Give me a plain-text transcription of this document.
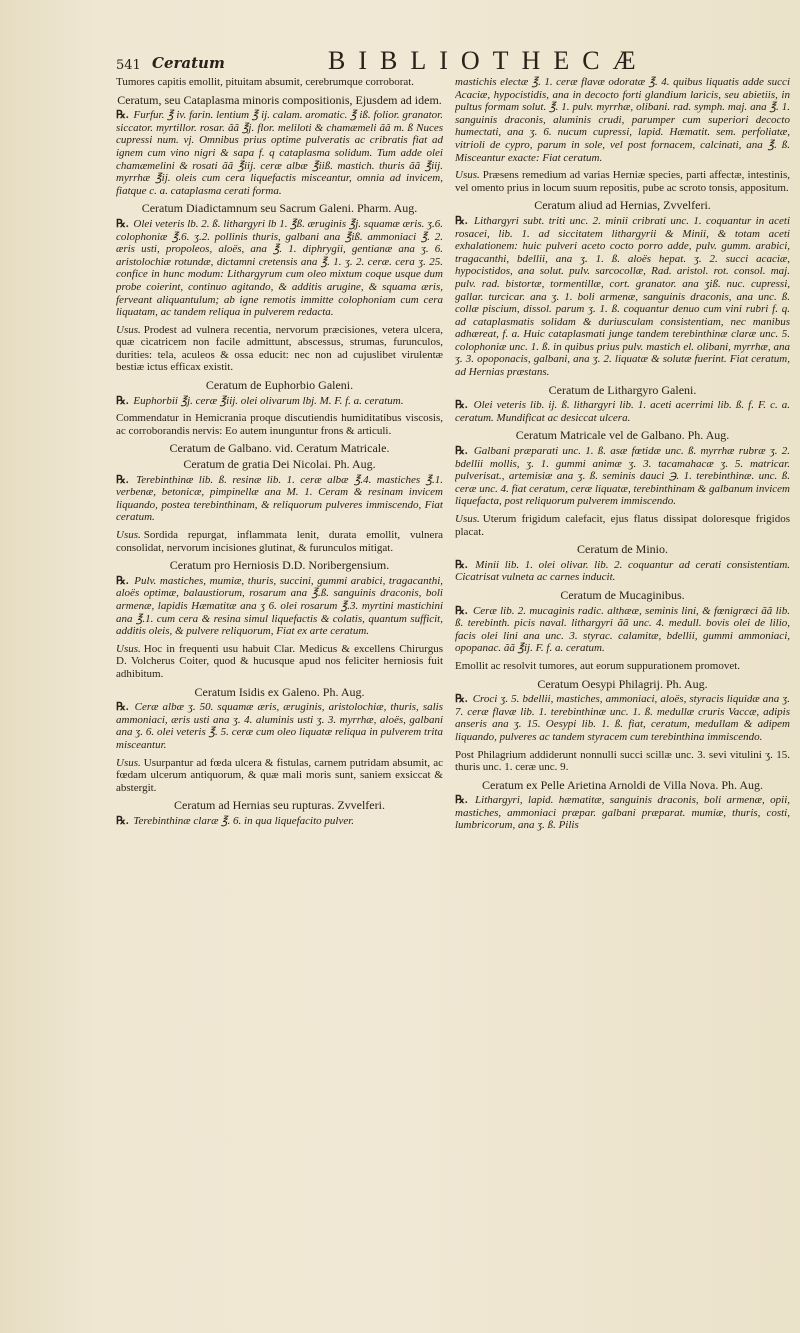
541 Ceratum	BIBLIOTHECÆ

Tumores capitis emollit, pituitam absumit, cerebrumque corroborat.

Ceratum, seu Cataplasma minoris compositionis, Ejusdem ad idem.

℞. Furfur. ℥ iv. farin. lentium ℥ ij. calam. aromatic. ℥ iß. folior. granator. siccator. myrtillor. rosar. ãã ℥j. flor. meliloti & chamæmeli ãã m. ß Nuces cupressi num. vj. Omnibus prius optime pulveratis ac cribratis fiat ad ignem cum vino nigri & sapa f. q cataplasma solidum. Tum adde olei chamæmelini & rosati ãã ℥iij. ceræ albæ ℥iiß. mastich. thuris ãã ℥iij. myrrhæ ℥ij. oleis cum cera liquefactis misceantur, omnia ad invicem, fiatque c. a. cataplasma cerati forma.

Ceratum Diadictamnum seu Sacrum Galeni. Pharm. Aug.

℞. Olei veteris lb. 2. ß. lithargyri lb 1. ℥ß. æruginis ℥j. squamæ æris. ʒ.6. colophoniæ ℥.6. ʒ.2. pollinis thuris, galbani ana ℥iß. ammoniaci ℥. 2. æris usti, propoleos, aloës, ana ℥. 1. diphrygii, gentianæ ana ʒ. 6. aristolochiæ rotundæ, dictamni cretensis ana ℥. 1. ʒ. 2. ceræ. cera ʒ. 25. confice in hunc modum: Lithargyrum cum oleo mixtum coque usque dum probe coierint, continuo agitando, & additis arugine, & squama æris, ferveant aliquantulum; ab igne remotis immitte colophoniam cum cera liquatam, ac tandem reliqua in pulverem redacta.

Usus. Prodest ad vulnera recentia, nervorum præcisiones, vetera ulcera, quæ cicatricem non facile admittunt, abscessus, strumas, furunculos, durities: tela, aculeos & ossa educit: nec non ad cujuslibet virulentæ bestiæ ictus efficax existit.

Ceratum de Euphorbio Galeni.

℞. Euphorbii ℥j. ceræ ℥iij. olei olivarum lbj. M. F. f. a. ceratum.

Commendatur in Hemicrania proque discutiendis humiditatibus viscosis, ac corroborandis nervis: Eo autem inunguntur frons & articuli.

Ceratum de Galbano. vid. Ceratum Matricale.
Ceratum de gratia Dei Nicolai. Ph. Aug.

℞. Terebinthinæ lib. ß. resinæ lib. 1. ceræ albæ ℥.4. mastiches ℥.1. verbenæ, betonicæ, pimpinellæ ana M. 1. Ceram & resinam invicem liquando, postea terebinthinam, & reliquorum pulveres immiscendo, Fiat ceratum.

Usus. Sordida repurgat, inflammata lenit, durata emollit, vulnera consolidat, nervorum incisiones glutinat, & furunculos mitigat.

Ceratum pro Herniosis D.D. Noribergensium.

℞. Pulv. mastiches, mumiæ, thuris, succini, gummi arabici, tragacanthi, aloës optimæ, balaustiorum, rosarum ana ℥.ß. sanguinis draconis, boli armenæ, lapidis Hæmatitæ ana ʒ 6. olei rosarum ℥.3. myrtini mastichini ana ℥.1. cum cera & resina simul liquefactis & colatis, quantum sufficit, additis oleis, & pulvere reliquorum, Fiat ex arte ceratum.

Usus. Hoc in frequenti usu habuit Clar. Medicus & excellens Chirurgus D. Volcherus Coiter, quod & hucusque apud nos feliciter herniosis fuit adhibitum.

Ceratum Isidis ex Galeno. Ph. Aug.

℞. Ceræ albæ ʒ. 50. squamæ æris, æruginis, aristolochiæ, thuris, salis ammoniaci, æris usti ana ʒ. 4. aluminis usti ʒ. 3. myrrhæ, aloës, galbani ana ʒ. 6. olei veteris ℥. 5. ceræ cum oleo liquatæ reliqua in pulverem trita misceantur.

Usus. Usurpantur ad fœda ulcera & fistulas, carnem putridam absumit, ac fœdam ulcerum antiquorum, & quæ mali moris sunt, saniem exsiccat & abstergit.

Ceratum ad Hernias seu rupturas. Zvvelferi.

℞. Terebinthinæ claræ ℥. 6. in qua liquefacito pulver.

mastichis electæ ℥. 1. ceræ flavæ odoratæ ℥. 4. quibus liquatis adde succi Acaciæ, hypocistidis, ana in decocto forti glandium laricis, seu abietiis, in pultus formam solut. ℥. 1. pulv. myrrhæ, olibani. rad. symph. maj. ana ℥. 1. sanguinis draconis, aluminis crudi, parumper cum superiori decocto humectati, ana ʒ. 6. nucum cupressi, lapid. Hæmatit. sem. perfoliatæ, vitrioli de cypro, parum in sole, vel post fornacem, calcinati, ana ℥. ß. Misceantur exacte: Fiat ceratum.

Usus. Præsens remedium ad varias Herniæ species, parti affectæ, intestinis, vel omento prius in locum suum repositis, pube ac scroto tonsis, appositum.

Ceratum aliud ad Hernias, Zvvelferi.

℞. Lithargyri subt. triti unc. 2. minii cribrati unc. 1. coquantur in aceti rosacei, lib. 1. ad siccitatem lithargyrii & Minii, & totam aceti exhalationem: huic pulveri aceto cocto porro adde, pulv. gumm. arabici, tragacanthi, bdellii, ana ʒ. 1. ß. aloës hepat. ʒ. 2. succi acaciæ, hypocistidos, ana solut. pulv. sarcocollæ, Rad. aristol. rot. consol. maj. pulv. rad. bistortæ, tormentillæ, cort. granator. ana ʒiß. nuc. cupressi, gallar. turcicar. ana ʒ. 1. boli armenæ, sanguinis draconis, ana unc. ß. collæ piscium, dissol. parum ʒ. 1. ß. coquantur denuo cum vini rubri f. q. ad cataplasmatis solidam & duriusculam consistentiam, nec manibus adhæreat, f. a. Huic cataplasmati junge tandem terebinthinæ claræ unc. 5. colophoniæ unc. 1. ß. in quibus prius pulv. mastich el. olibani, myrrhæ, ana ʒ. 3. opoponacis, galbani, ana ʒ. 2. liquatæ & solutæ fuerint. Fiat ceratum, ad Hernias præstans.

Ceratum de Lithargyro Galeni.

℞. Olei veteris lib. ij. ß. lithargyri lib. 1. aceti acerrimi lib. ß. f. F. c. a. ceratum. Mundificat ac desiccat ulcera.

Ceratum Matricale vel de Galbano. Ph. Aug.

℞. Galbani præparati unc. 1. ß. asæ fœtidæ unc. ß. myrrhæ rubræ ʒ. 2. bdellii mollis, ʒ. 1. gummi animæ ʒ. 3. tacamahacæ ʒ. 5. matricar. pulverisat., artemisiæ ana ʒ. ß. seminis dauci ℈. 1. terebinthinæ. unc. ß. ceræ unc. 4. fiat ceratum, ceræ liquatæ, terebinthinam & galbanum invicem liquefacta, post reliquorum pulverem immiscendo.

Usus. Uterum frigidum calefacit, ejus flatus dissipat doloresque frigidos placat.

Ceratum de Minio.

℞. Minii lib. 1. olei olivar. lib. 2. coquantur ad cerati consistentiam. Cicatrisat vulneta ac carnes inducit.

Ceratum de Mucaginibus.

℞. Ceræ lib. 2. mucaginis radic. althææ, seminis lini, & fœnigræci ãã lib. ß. terebinth. picis naval. lithargyri ãã unc. 4. medull. bovis olei de lilio, facis olei lini ana unc. 3. styrac. calamitæ, bdellii, gummi ammoniaci, opopanac. ãã ℥ij. F. f. a. ceratum.

Emollit ac resolvit tumores, aut eorum suppurationem promovet.

Ceratum Oesypi Philagrij. Ph. Aug.

℞. Croci ʒ. 5. bdellii, mastiches, ammoniaci, aloës, styracis liquidæ ana ʒ. 7. ceræ flavæ lib. 1. terebinthinæ unc. 1. ß. medullæ cruris Vaccæ, adipis anseris ana ʒ. 15. Oesypi lib. 1. ß. fiat, ceratum, medullam & adipem liquando, pulveres ac tandem styracem cum terebinthina immiscendo.

Post Philagrium addiderunt nonnulli succi scillæ unc. 3. sevi vitulini ʒ. 15. thuris unc. 1. ceræ unc. 9.

Ceratum ex Pelle Arietina Arnoldi de Villa Nova. Ph. Aug.

℞. Lithargyri, lapid. hæmatitæ, sanguinis draconis, boli armenæ, opii, mastiches, ammoniaci præpar. galbani præparat. mumiæ, thuris, costi, lumbricorum, ana ʒ. ß. Pilis
